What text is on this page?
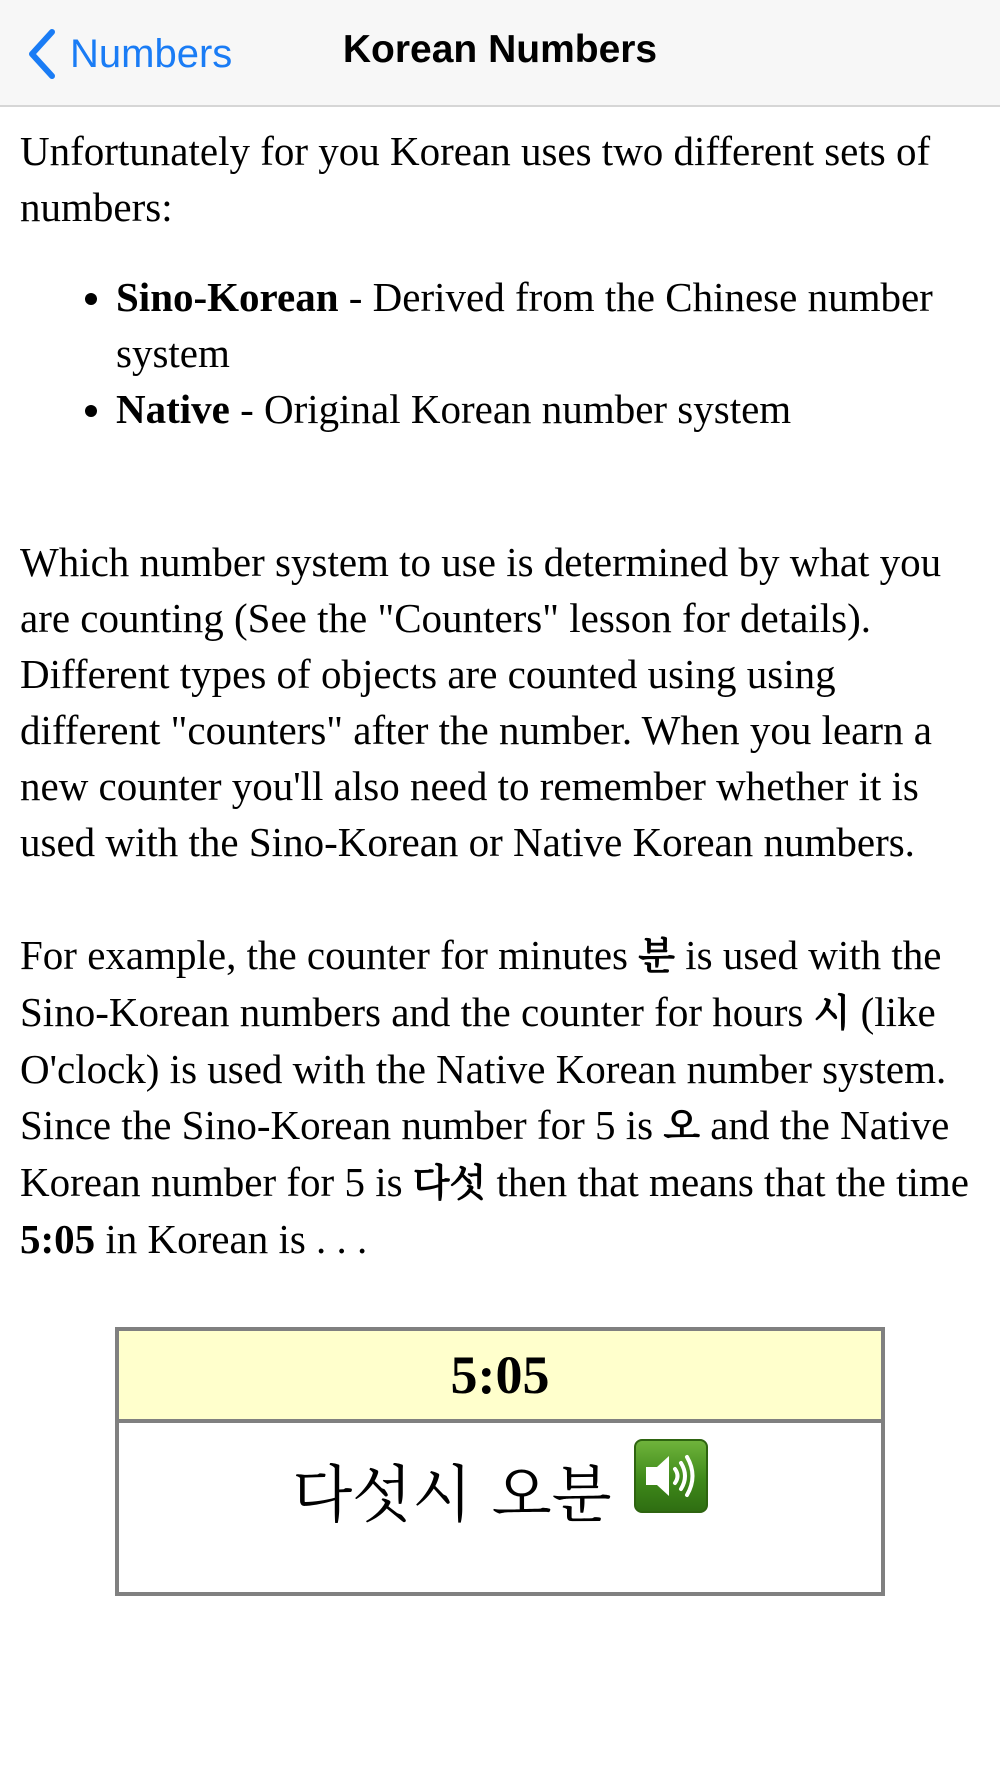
Numbers	Korean Numbers

Unfortunately for you Korean uses two different sets of numbers:

• Sino-Korean - Derived from the Chinese number system
• Native - Original Korean number system

Which number system to use is determined by what you are counting (See the "Counters" lesson for details). Different types of objects are counted using using different "counters" after the number. When you learn a new counter you'll also need to remember whether it is used with the Sino-Korean or Native Korean numbers.

For example, the counter for minutes 분 is used with the Sino-Korean numbers and the counter for hours 시 (like O'clock) is used with the Native Korean number system. Since the Sino-Korean number for 5 is 오 and the Native Korean number for 5 is 다섯 then that means that the time 5:05 in Korean is . . .

5:05

다섯시 오분
